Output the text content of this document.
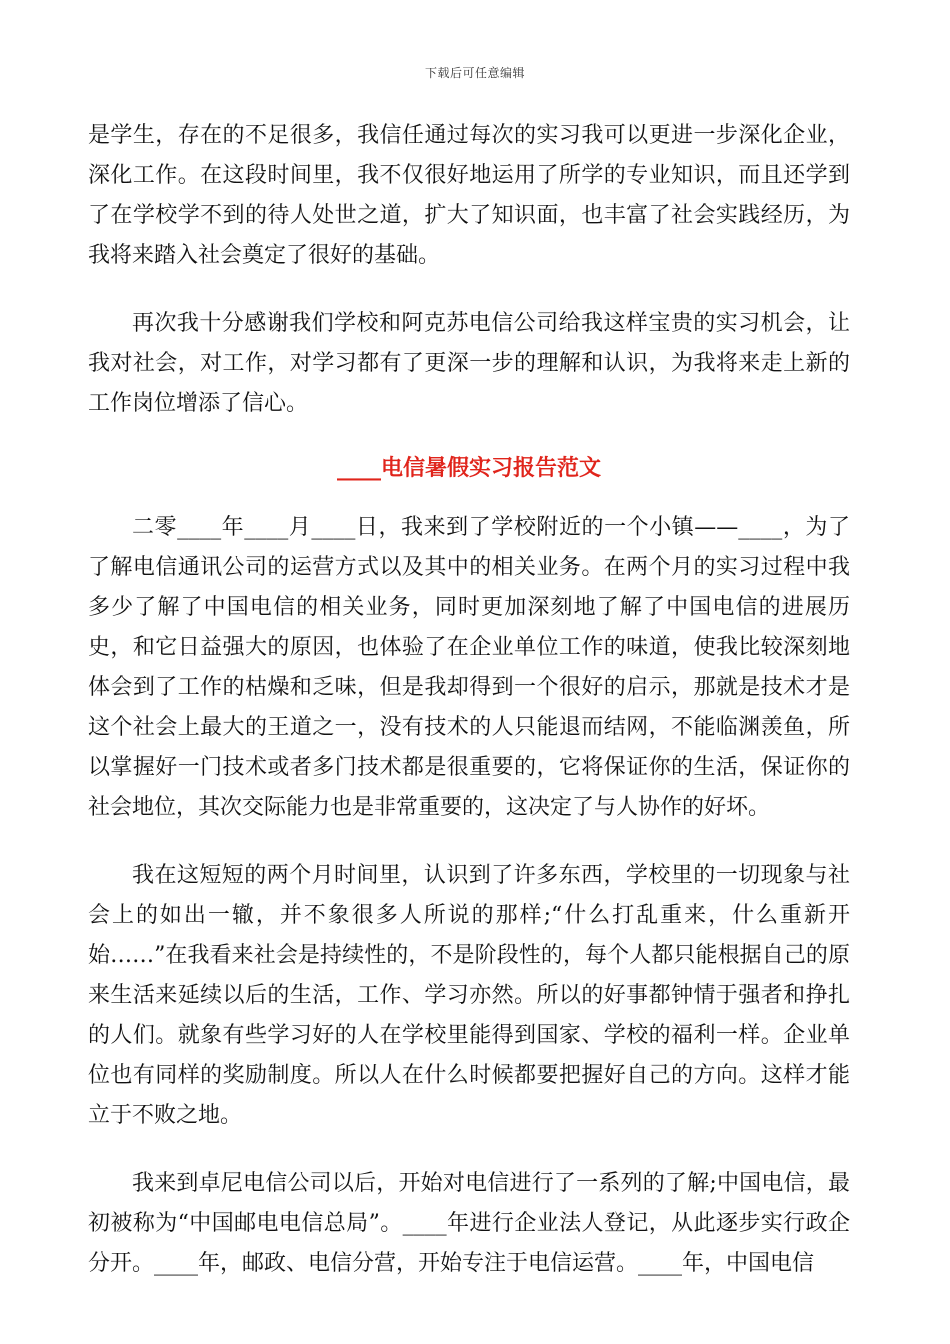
下载后可任意编辑

是学生，存在的不足很多，我信任通过每次的实习我可以更进一步深化企业，深化工作。在这段时间里，我不仅很好地运用了所学的专业知识，而且还学到了在学校学不到的待人处世之道，扩大了知识面，也丰富了社会实践经历，为我将来踏入社会奠定了很好的基础。

再次我十分感谢我们学校和阿克苏电信公司给我这样宝贵的实习机会，让我对社会，对工作，对学习都有了更深一步的理解和认识，为我将来走上新的工作岗位增添了信心。

____电信暑假实习报告范文

二零____年____月____日，我来到了学校附近的一个小镇——____，为了了解电信通讯公司的运营方式以及其中的相关业务。在两个月的实习过程中我多少了解了中国电信的相关业务，同时更加深刻地了解了中国电信的进展历史，和它日益强大的原因，也体验了在企业单位工作的味道，使我比较深刻地体会到了工作的枯燥和乏味，但是我却得到一个很好的启示，那就是技术才是这个社会上最大的王道之一，没有技术的人只能退而结网，不能临渊羡鱼，所以掌握好一门技术或者多门技术都是很重要的，它将保证你的生活，保证你的社会地位，其次交际能力也是非常重要的，这决定了与人协作的好坏。

我在这短短的两个月时间里，认识到了许多东西，学校里的一切现象与社会上的如出一辙，并不象很多人所说的那样;“什么打乱重来，什么重新开始……”在我看来社会是持续性的，不是阶段性的，每个人都只能根据自己的原来生活来延续以后的生活，工作、学习亦然。所以的好事都钟情于强者和挣扎的人们。就象有些学习好的人在学校里能得到国家、学校的福利一样。企业单位也有同样的奖励制度。所以人在什么时候都要把握好自己的方向。这样才能立于不败之地。

我来到卓尼电信公司以后，开始对电信进行了一系列的了解;中国电信，最初被称为“中国邮电电信总局”。____年进行企业法人登记，从此逐步实行政企分开。____年，邮政、电信分营，开始专注于电信运营。____年，中国电信
